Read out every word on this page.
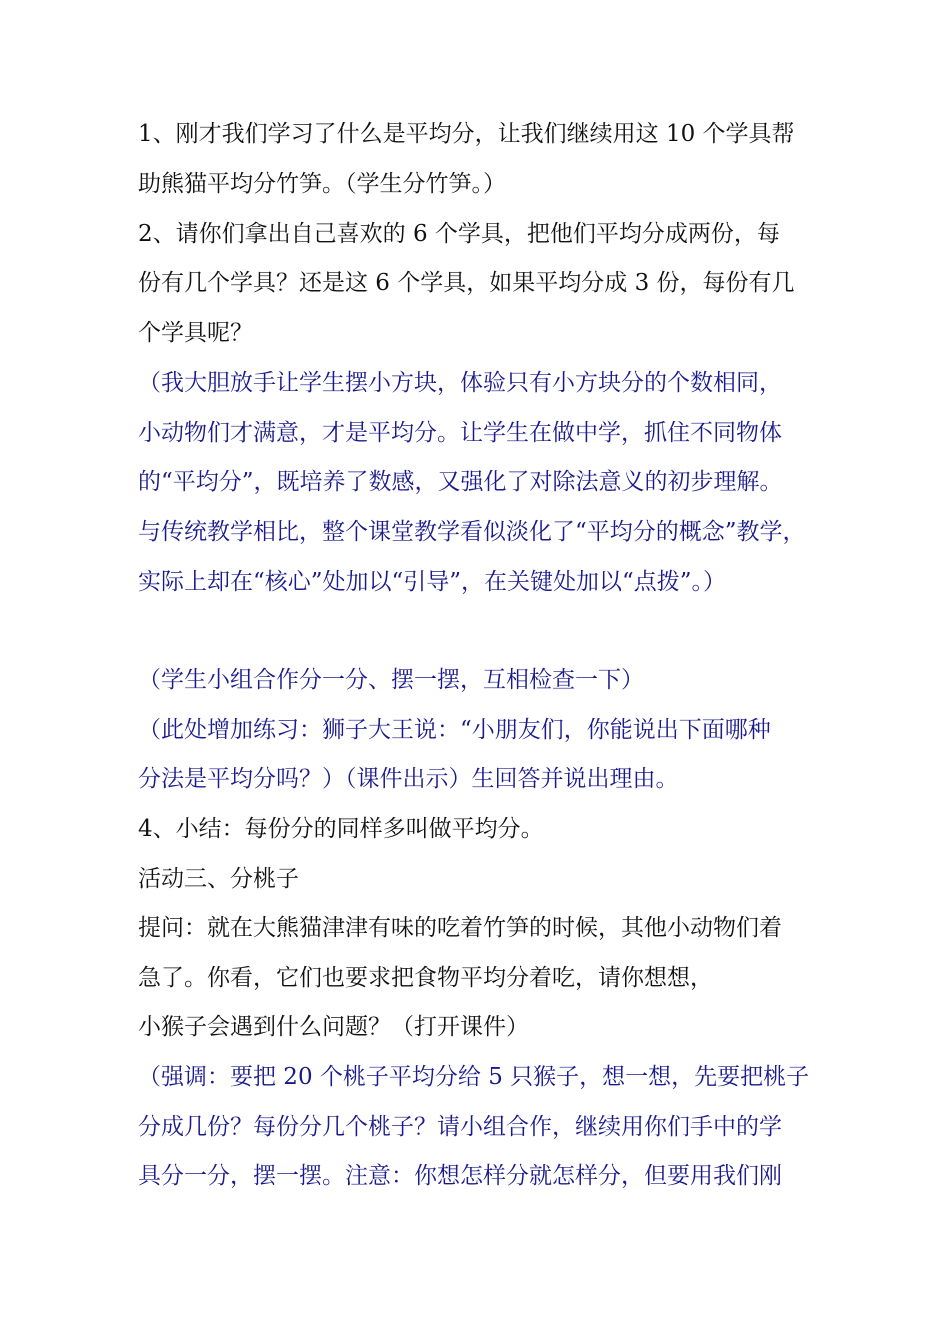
1、刚才我们学习了什么是平均分，让我们继续用这 10 个学具帮
助熊猫平均分竹笋。（学生分竹笋。）
2、请你们拿出自己喜欢的 6 个学具，把他们平均分成两份，每
份有几个学具？还是这 6 个学具，如果平均分成 3 份，每份有几
个学具呢？
（我大胆放手让学生摆小方块，体验只有小方块分的个数相同，
小动物们才满意，才是平均分。让学生在做中学，抓住不同物体
的“平均分”，既培养了数感，又强化了对除法意义的初步理解。
与传统教学相比，整个课堂教学看似淡化了“平均分的概念”教学，
实际上却在“核心”处加以“引导”，在关键处加以“点拨”。）
（学生小组合作分一分、摆一摆，互相检查一下）
（此处增加练习：狮子大王说：“小朋友们，你能说出下面哪种
分法是平均分吗？）（课件出示）生回答并说出理由。
4、小结：每份分的同样多叫做平均分。
活动三、分桃子
提问：就在大熊猫津津有味的吃着竹笋的时候，其他小动物们着
急了。你看，它们也要求把食物平均分着吃，请你想想，
小猴子会遇到什么问题？（打开课件）
（强调：要把 20 个桃子平均分给 5 只猴子，想一想，先要把桃子
分成几份？每份分几个桃子？请小组合作，继续用你们手中的学
具分一分，摆一摆。注意：你想怎样分就怎样分，但要用我们刚
